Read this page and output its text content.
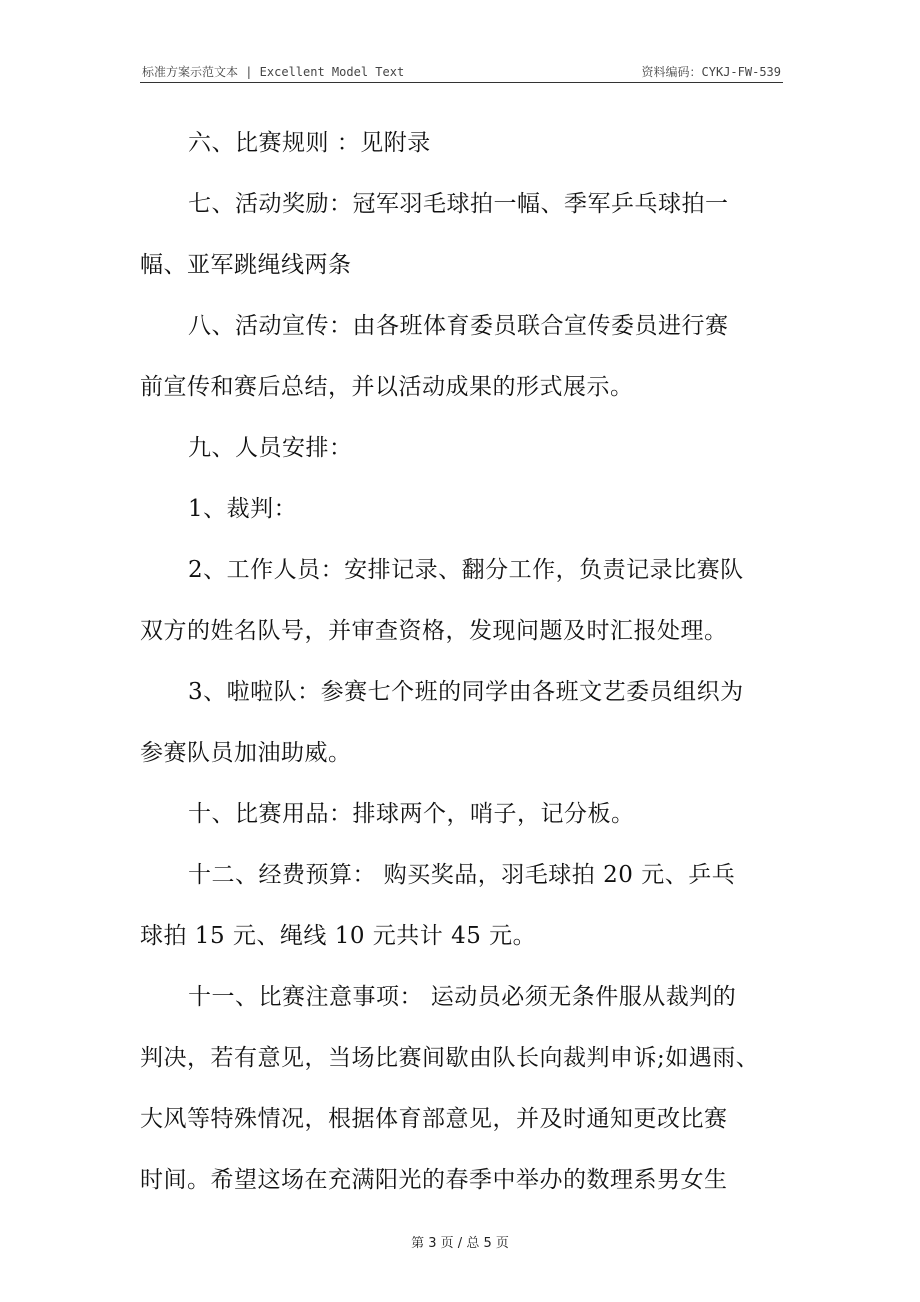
标准方案示范文本 | Excellent Model Text	资料编码：CYKJ-FW-539
六、比赛规则 ：见附录
七、活动奖励：冠军羽毛球拍一幅、季军乒乓球拍一
幅、亚军跳绳线两条
八、活动宣传：由各班体育委员联合宣传委员进行赛
前宣传和赛后总结，并以活动成果的形式展示。
九、人员安排：
1、裁判：
2、工作人员：安排记录、翻分工作，负责记录比赛队
双方的姓名队号，并审查资格，发现问题及时汇报处理。
3、啦啦队：参赛七个班的同学由各班文艺委员组织为
参赛队员加油助威。
十、比赛用品：排球两个，哨子，记分板。
十二、经费预算： 购买奖品，羽毛球拍 20 元、乒乓
球拍 15 元、绳线 10 元共计 45 元。
十一、比赛注意事项： 运动员必须无条件服从裁判的
判决，若有意见，当场比赛间歇由队长向裁判申诉;如遇雨、
大风等特殊情况，根据体育部意见，并及时通知更改比赛
时间。希望这场在充满阳光的春季中举办的数理系男女生
第 3 页 / 总 5 页
